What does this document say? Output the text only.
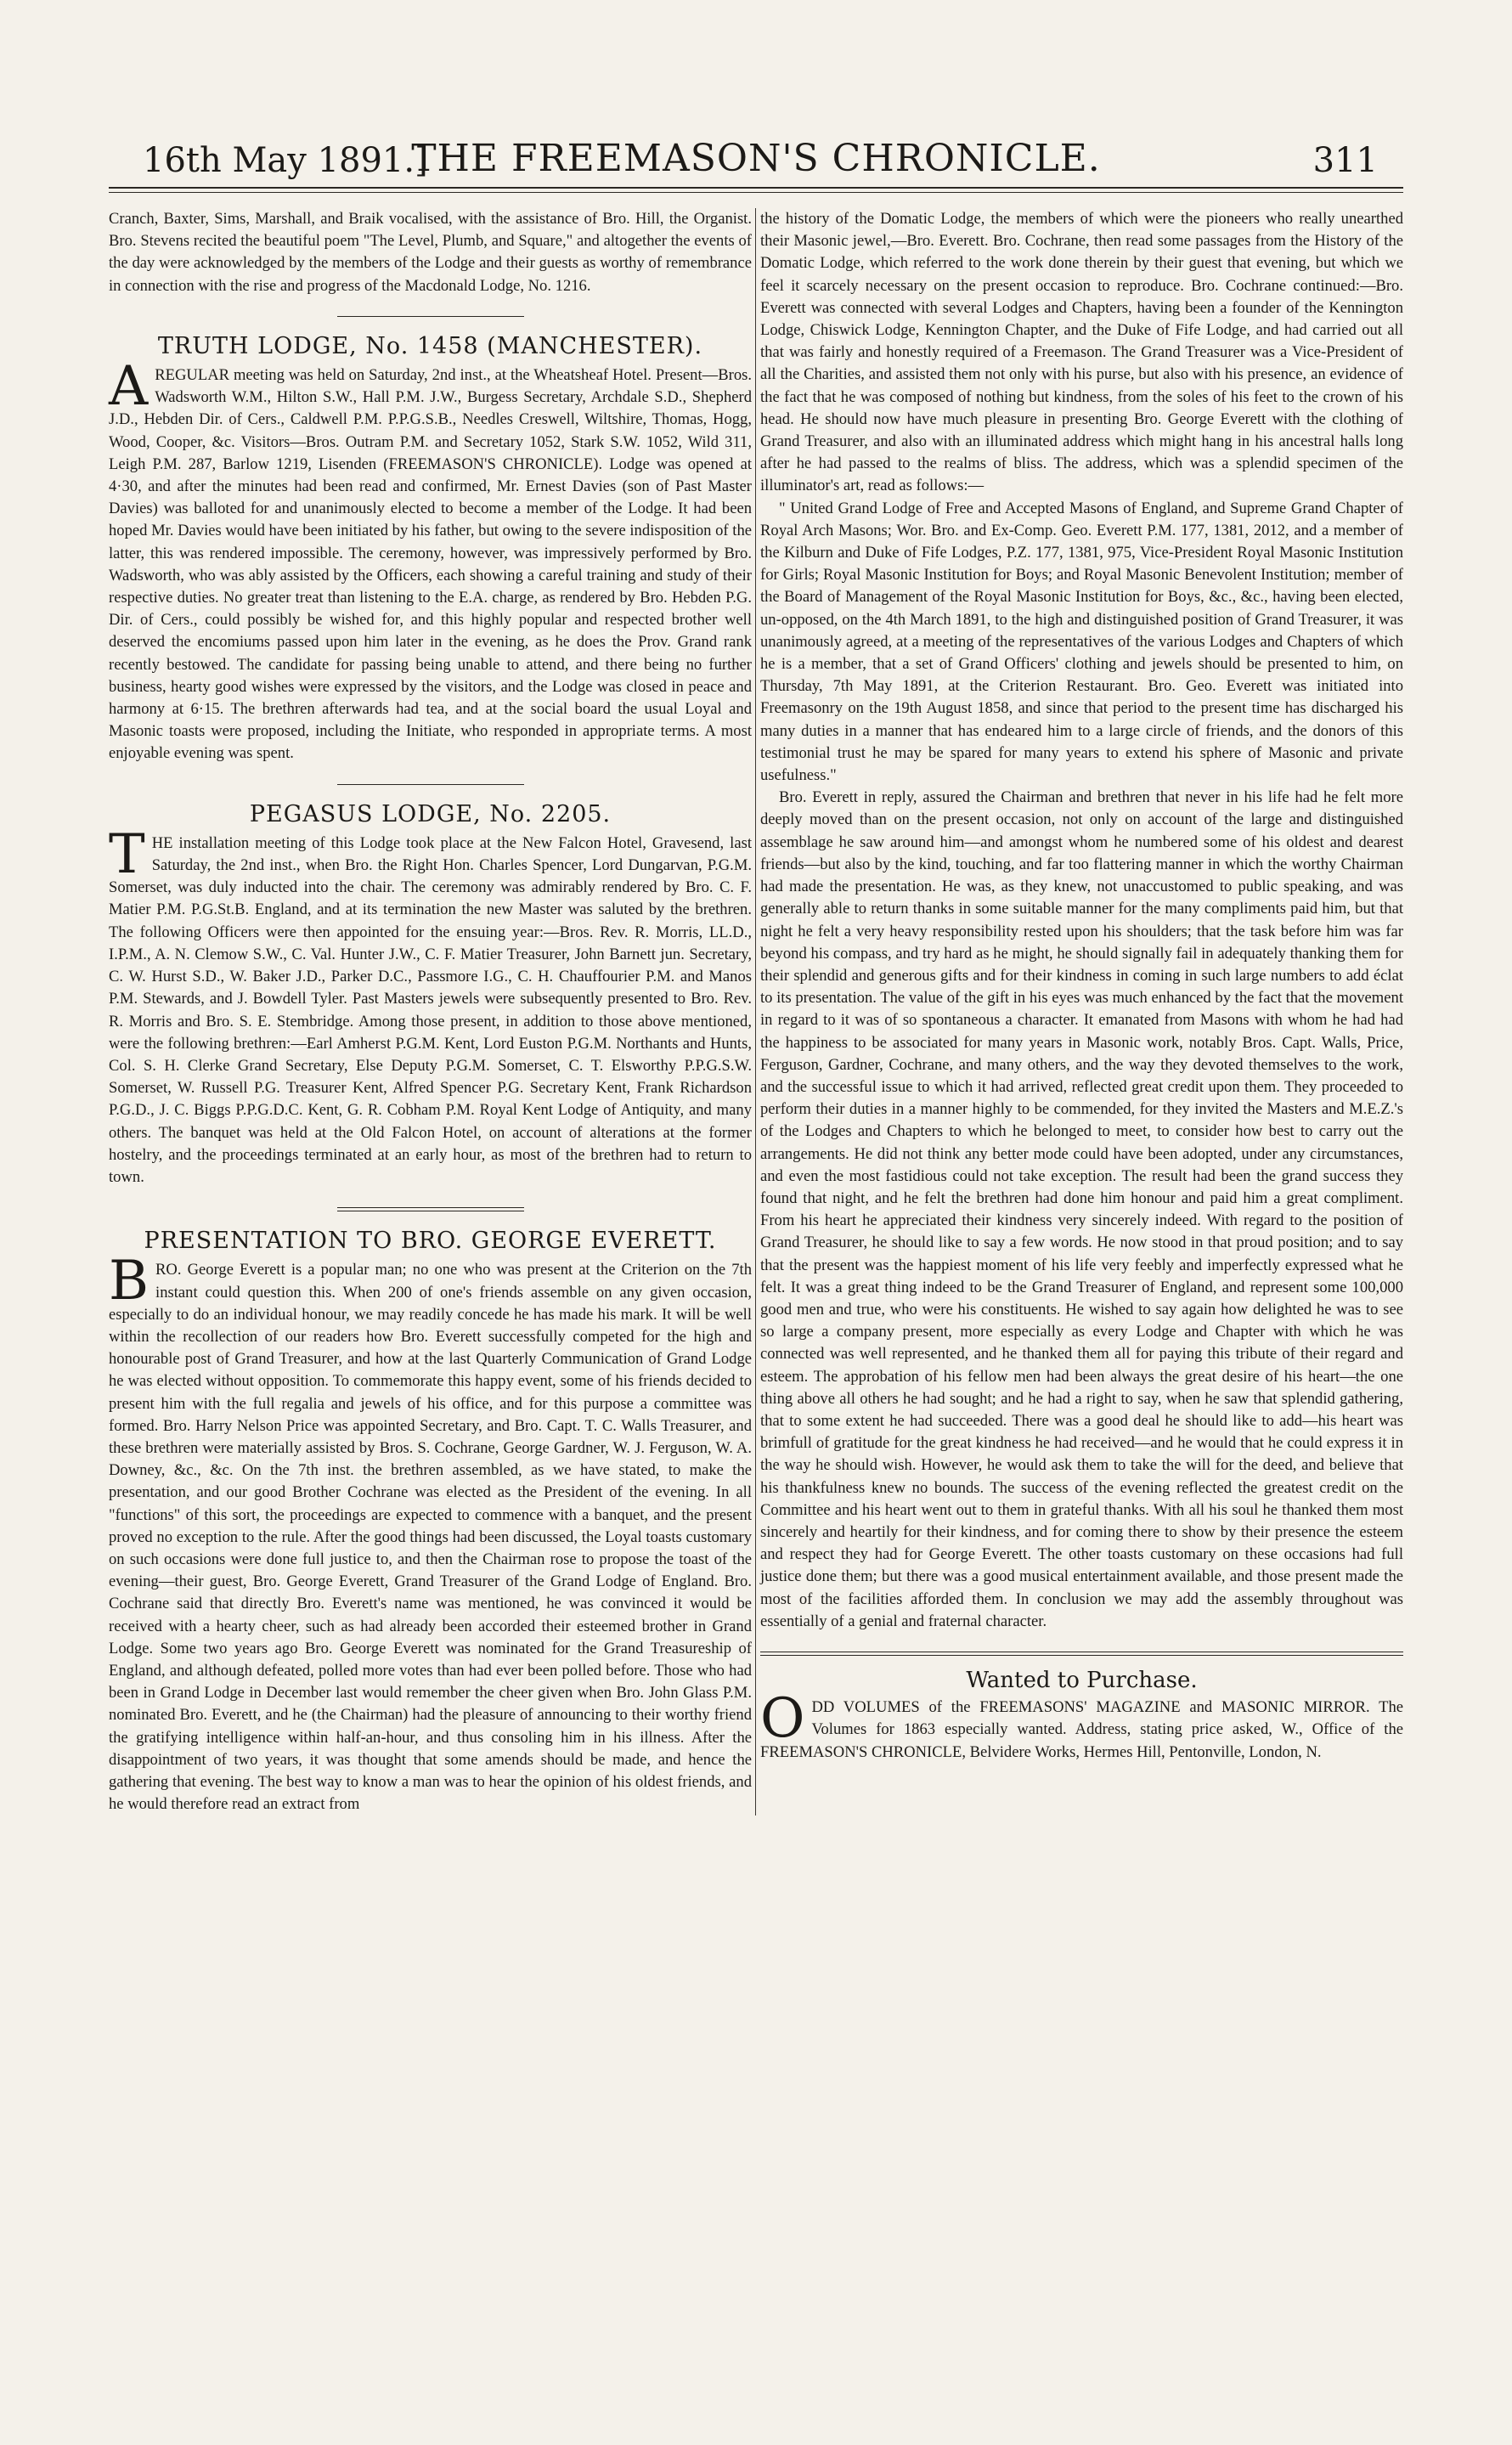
16th May 1891.]
THE FREEMASON'S CHRONICLE.	311

Cranch, Baxter, Sims, Marshall, and Braik vocalised, with the assistance of Bro. Hill, the Organist. Bro. Stevens recited the beautiful poem "The Level, Plumb, and Square," and altogether the events of the day were acknowledged by the members of the Lodge and their guests as worthy of remembrance in connection with the rise and progress of the Macdonald Lodge, No. 1216.

TRUTH LODGE, No. 1458 (MANCHESTER).

AREGULAR meeting was held on Saturday, 2nd inst., at the Wheatsheaf Hotel. Present—Bros. Wadsworth W.M., Hilton S.W., Hall P.M. J.W., Burgess Secretary, Archdale S.D., Shepherd J.D., Hebden Dir. of Cers., Caldwell P.M. P.P.G.S.B., Needles Creswell, Wiltshire, Thomas, Hogg, Wood, Cooper, &c. Visitors—Bros. Outram P.M. and Secretary 1052, Stark S.W. 1052, Wild 311, Leigh P.M. 287, Barlow 1219, Lisenden (FREEMASON'S CHRONICLE). Lodge was opened at 4·30, and after the minutes had been read and confirmed, Mr. Ernest Davies (son of Past Master Davies) was balloted for and unanimously elected to become a member of the Lodge. It had been hoped Mr. Davies would have been initiated by his father, but owing to the severe indisposition of the latter, this was rendered impossible. The ceremony, however, was impressively performed by Bro. Wadsworth, who was ably assisted by the Officers, each showing a careful training and study of their respective duties. No greater treat than listening to the E.A. charge, as rendered by Bro. Hebden P.G. Dir. of Cers., could possibly be wished for, and this highly popular and respected brother well deserved the encomiums passed upon him later in the evening, as he does the Prov. Grand rank recently bestowed. The candidate for passing being unable to attend, and there being no further business, hearty good wishes were expressed by the visitors, and the Lodge was closed in peace and harmony at 6·15. The brethren afterwards had tea, and at the social board the usual Loyal and Masonic toasts were proposed, including the Initiate, who responded in appropriate terms. A most enjoyable evening was spent.

PEGASUS LODGE, No. 2205.

THE installation meeting of this Lodge took place at the New Falcon Hotel, Gravesend, last Saturday, the 2nd inst., when Bro. the Right Hon. Charles Spencer, Lord Dungarvan, P.G.M. Somerset, was duly inducted into the chair. The ceremony was admirably rendered by Bro. C. F. Matier P.M. P.G.St.B. England, and at its termination the new Master was saluted by the brethren. The following Officers were then appointed for the ensuing year:—Bros. Rev. R. Morris, LL.D., I.P.M., A. N. Clemow S.W., C. Val. Hunter J.W., C. F. Matier Treasurer, John Barnett jun. Secretary, C. W. Hurst S.D., W. Baker J.D., Parker D.C., Passmore I.G., C. H. Chauffourier P.M. and Manos P.M. Stewards, and J. Bowdell Tyler. Past Masters jewels were subsequently presented to Bro. Rev. R. Morris and Bro. S. E. Stembridge. Among those present, in addition to those above mentioned, were the following brethren:—Earl Amherst P.G.M. Kent, Lord Euston P.G.M. Northants and Hunts, Col. S. H. Clerke Grand Secretary, Else Deputy P.G.M. Somerset, C. T. Elsworthy P.P.G.S.W. Somerset, W. Russell P.G. Treasurer Kent, Alfred Spencer P.G. Secretary Kent, Frank Richardson P.G.D., J. C. Biggs P.P.G.D.C. Kent, G. R. Cobham P.M. Royal Kent Lodge of Antiquity, and many others. The banquet was held at the Old Falcon Hotel, on account of alterations at the former hostelry, and the proceedings terminated at an early hour, as most of the brethren had to return to town.

PRESENTATION TO BRO. GEORGE EVERETT.

BRO. George Everett is a popular man; no one who was present at the Criterion on the 7th instant could question this. When 200 of one's friends assemble on any given occasion, especially to do an individual honour, we may readily concede he has made his mark. It will be well within the recollection of our readers how Bro. Everett successfully competed for the high and honourable post of Grand Treasurer, and how at the last Quarterly Communication of Grand Lodge he was elected without opposition. To commemorate this happy event, some of his friends decided to present him with the full regalia and jewels of his office, and for this purpose a committee was formed. Bro. Harry Nelson Price was appointed Secretary, and Bro. Capt. T. C. Walls Treasurer, and these brethren were materially assisted by Bros. S. Cochrane, George Gardner, W. J. Ferguson, W. A. Downey, &c., &c. On the 7th inst. the brethren assembled, as we have stated, to make the presentation, and our good Brother Cochrane was elected as the President of the evening. In all "functions" of this sort, the proceedings are expected to commence with a banquet, and the present proved no exception to the rule. After the good things had been discussed, the Loyal toasts customary on such occasions were done full justice to, and then the Chairman rose to propose the toast of the evening—their guest, Bro. George Everett, Grand Treasurer of the Grand Lodge of England. Bro. Cochrane said that directly Bro. Everett's name was mentioned, he was convinced it would be received with a hearty cheer, such as had already been accorded their esteemed brother in Grand Lodge. Some two years ago Bro. George Everett was nominated for the Grand Treasureship of England, and although defeated, polled more votes than had ever been polled before. Those who had been in Grand Lodge in December last would remember the cheer given when Bro. John Glass P.M. nominated Bro. Everett, and he (the Chairman) had the pleasure of announcing to their worthy friend the gratifying intelligence within half-an-hour, and thus consoling him in his illness. After the disappointment of two years, it was thought that some amends should be made, and hence the gathering that evening. The best way to know a man was to hear the opinion of his oldest friends, and he would therefore read an extract from

the history of the Domatic Lodge, the members of which were the pioneers who really unearthed their Masonic jewel,—Bro. Everett. Bro. Cochrane, then read some passages from the History of the Domatic Lodge, which referred to the work done therein by their guest that evening, but which we feel it scarcely necessary on the present occasion to reproduce. Bro. Cochrane continued:—Bro. Everett was connected with several Lodges and Chapters, having been a founder of the Kennington Lodge, Chiswick Lodge, Kennington Chapter, and the Duke of Fife Lodge, and had carried out all that was fairly and honestly required of a Freemason. The Grand Treasurer was a Vice-President of all the Charities, and assisted them not only with his purse, but also with his presence, an evidence of the fact that he was composed of nothing but kindness, from the soles of his feet to the crown of his head. He should now have much pleasure in presenting Bro. George Everett with the clothing of Grand Treasurer, and also with an illuminated address which might hang in his ancestral halls long after he had passed to the realms of bliss. The address, which was a splendid specimen of the illuminator's art, read as follows:—

" United Grand Lodge of Free and Accepted Masons of England, and Supreme Grand Chapter of Royal Arch Masons; Wor. Bro. and Ex-Comp. Geo. Everett P.M. 177, 1381, 2012, and a member of the Kilburn and Duke of Fife Lodges, P.Z. 177, 1381, 975, Vice-President Royal Masonic Institution for Girls; Royal Masonic Institution for Boys; and Royal Masonic Benevolent Institution; member of the Board of Management of the Royal Masonic Institution for Boys, &c., &c., having been elected, un-opposed, on the 4th March 1891, to the high and distinguished position of Grand Treasurer, it was unanimously agreed, at a meeting of the representatives of the various Lodges and Chapters of which he is a member, that a set of Grand Officers' clothing and jewels should be presented to him, on Thursday, 7th May 1891, at the Criterion Restaurant. Bro. Geo. Everett was initiated into Freemasonry on the 19th August 1858, and since that period to the present time has discharged his many duties in a manner that has endeared him to a large circle of friends, and the donors of this testimonial trust he may be spared for many years to extend his sphere of Masonic and private usefulness."

Bro. Everett in reply, assured the Chairman and brethren that never in his life had he felt more deeply moved than on the present occasion, not only on account of the large and distinguished assemblage he saw around him—and amongst whom he numbered some of his oldest and dearest friends—but also by the kind, touching, and far too flattering manner in which the worthy Chairman had made the presentation. He was, as they knew, not unaccustomed to public speaking, and was generally able to return thanks in some suitable manner for the many compliments paid him, but that night he felt a very heavy responsibility rested upon his shoulders; that the task before him was far beyond his compass, and try hard as he might, he should signally fail in adequately thanking them for their splendid and generous gifts and for their kindness in coming in such large numbers to add éclat to its presentation. The value of the gift in his eyes was much enhanced by the fact that the movement in regard to it was of so spontaneous a character. It emanated from Masons with whom he had had the happiness to be associated for many years in Masonic work, notably Bros. Capt. Walls, Price, Ferguson, Gardner, Cochrane, and many others, and the way they devoted themselves to the work, and the successful issue to which it had arrived, reflected great credit upon them. They proceeded to perform their duties in a manner highly to be commended, for they invited the Masters and M.E.Z.'s of the Lodges and Chapters to which he belonged to meet, to consider how best to carry out the arrangements. He did not think any better mode could have been adopted, under any circumstances, and even the most fastidious could not take exception. The result had been the grand success they found that night, and he felt the brethren had done him honour and paid him a great compliment. From his heart he appreciated their kindness very sincerely indeed. With regard to the position of Grand Treasurer, he should like to say a few words. He now stood in that proud position; and to say that the present was the happiest moment of his life very feebly and imperfectly expressed what he felt. It was a great thing indeed to be the Grand Treasurer of England, and represent some 100,000 good men and true, who were his constituents. He wished to say again how delighted he was to see so large a company present, more especially as every Lodge and Chapter with which he was connected was well represented, and he thanked them all for paying this tribute of their regard and esteem. The approbation of his fellow men had been always the great desire of his heart—the one thing above all others he had sought; and he had a right to say, when he saw that splendid gathering, that to some extent he had succeeded. There was a good deal he should like to add—his heart was brimfull of gratitude for the great kindness he had received—and he would that he could express it in the way he should wish. However, he would ask them to take the will for the deed, and believe that his thankfulness knew no bounds. The success of the evening reflected the greatest credit on the Committee and his heart went out to them in grateful thanks. With all his soul he thanked them most sincerely and heartily for their kindness, and for coming there to show by their presence the esteem and respect they had for George Everett. The other toasts customary on these occasions had full justice done them; but there was a good musical entertainment available, and those present made the most of the facilities afforded them. In conclusion we may add the assembly throughout was essentially of a genial and fraternal character.

Wanted to Purchase.

ODD VOLUMES of the FREEMASONS' MAGAZINE and MASONIC MIRROR. The Volumes for 1863 especially wanted. Address, stating price asked, W., Office of the FREEMASON'S CHRONICLE, Belvidere Works, Hermes Hill, Pentonville, London, N.
